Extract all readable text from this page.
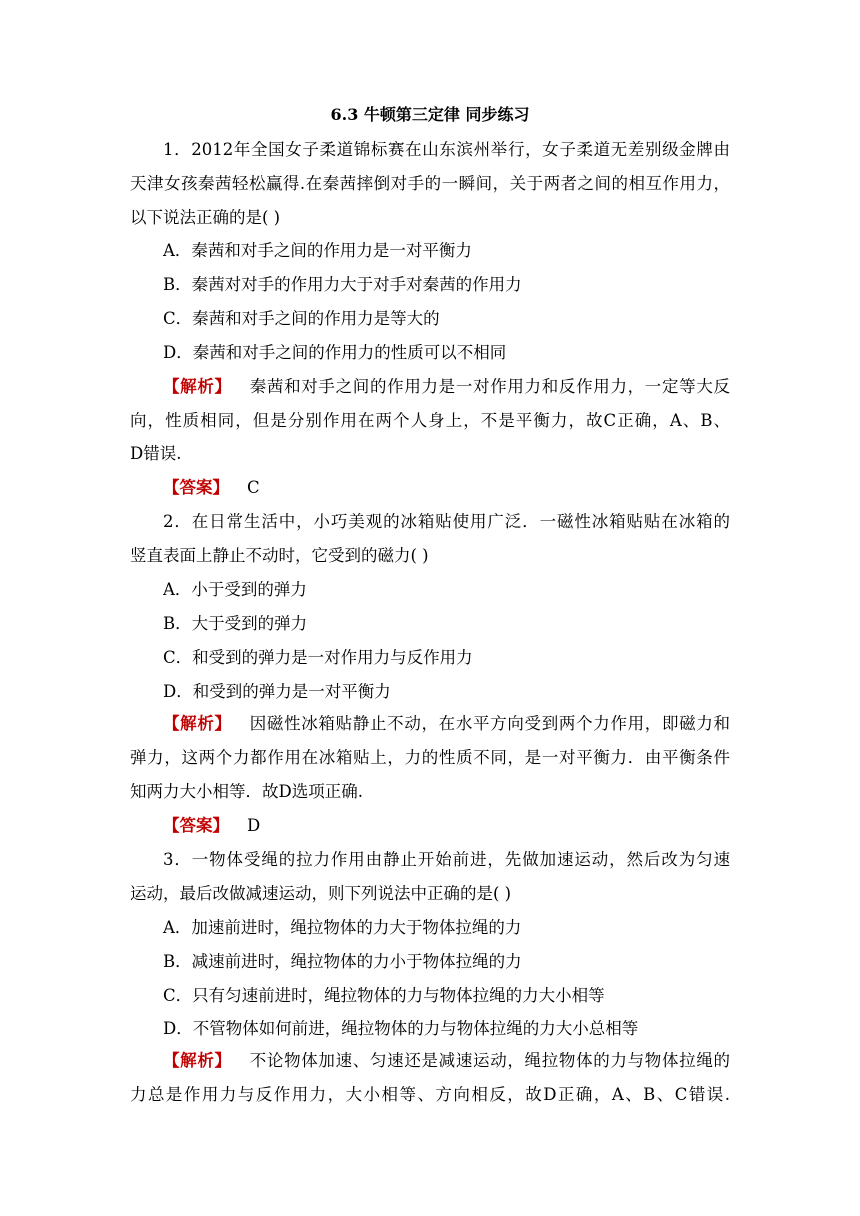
6.3 牛顿第三定律 同步练习
1．2012年全国女子柔道锦标赛在山东滨州举行，女子柔道无差别级金牌由
天津女孩秦茜轻松赢得.在秦茜摔倒对手的一瞬间，关于两者之间的相互作用力，
以下说法正确的是( )
A．秦茜和对手之间的作用力是一对平衡力
B．秦茜对对手的作用力大于对手对秦茜的作用力
C．秦茜和对手之间的作用力是等大的
D．秦茜和对手之间的作用力的性质可以不相同
【解析】 秦茜和对手之间的作用力是一对作用力和反作用力，一定等大反
向，性质相同，但是分别作用在两个人身上，不是平衡力，故C正确，A、B、
D错误.
【答案】 C
2．在日常生活中，小巧美观的冰箱贴使用广泛．一磁性冰箱贴贴在冰箱的
竖直表面上静止不动时，它受到的磁力( )
A．小于受到的弹力
B．大于受到的弹力
C．和受到的弹力是一对作用力与反作用力
D．和受到的弹力是一对平衡力
【解析】 因磁性冰箱贴静止不动，在水平方向受到两个力作用，即磁力和
弹力，这两个力都作用在冰箱贴上，力的性质不同，是一对平衡力．由平衡条件
知两力大小相等．故D选项正确.
【答案】 D
3．一物体受绳的拉力作用由静止开始前进，先做加速运动，然后改为匀速
运动，最后改做减速运动，则下列说法中正确的是( )
A．加速前进时，绳拉物体的力大于物体拉绳的力
B．减速前进时，绳拉物体的力小于物体拉绳的力
C．只有匀速前进时，绳拉物体的力与物体拉绳的力大小相等
D．不管物体如何前进，绳拉物体的力与物体拉绳的力大小总相等
【解析】 不论物体加速、匀速还是减速运动，绳拉物体的力与物体拉绳的
力总是作用力与反作用力，大小相等、方向相反，故D正确，A、B、C错误.
